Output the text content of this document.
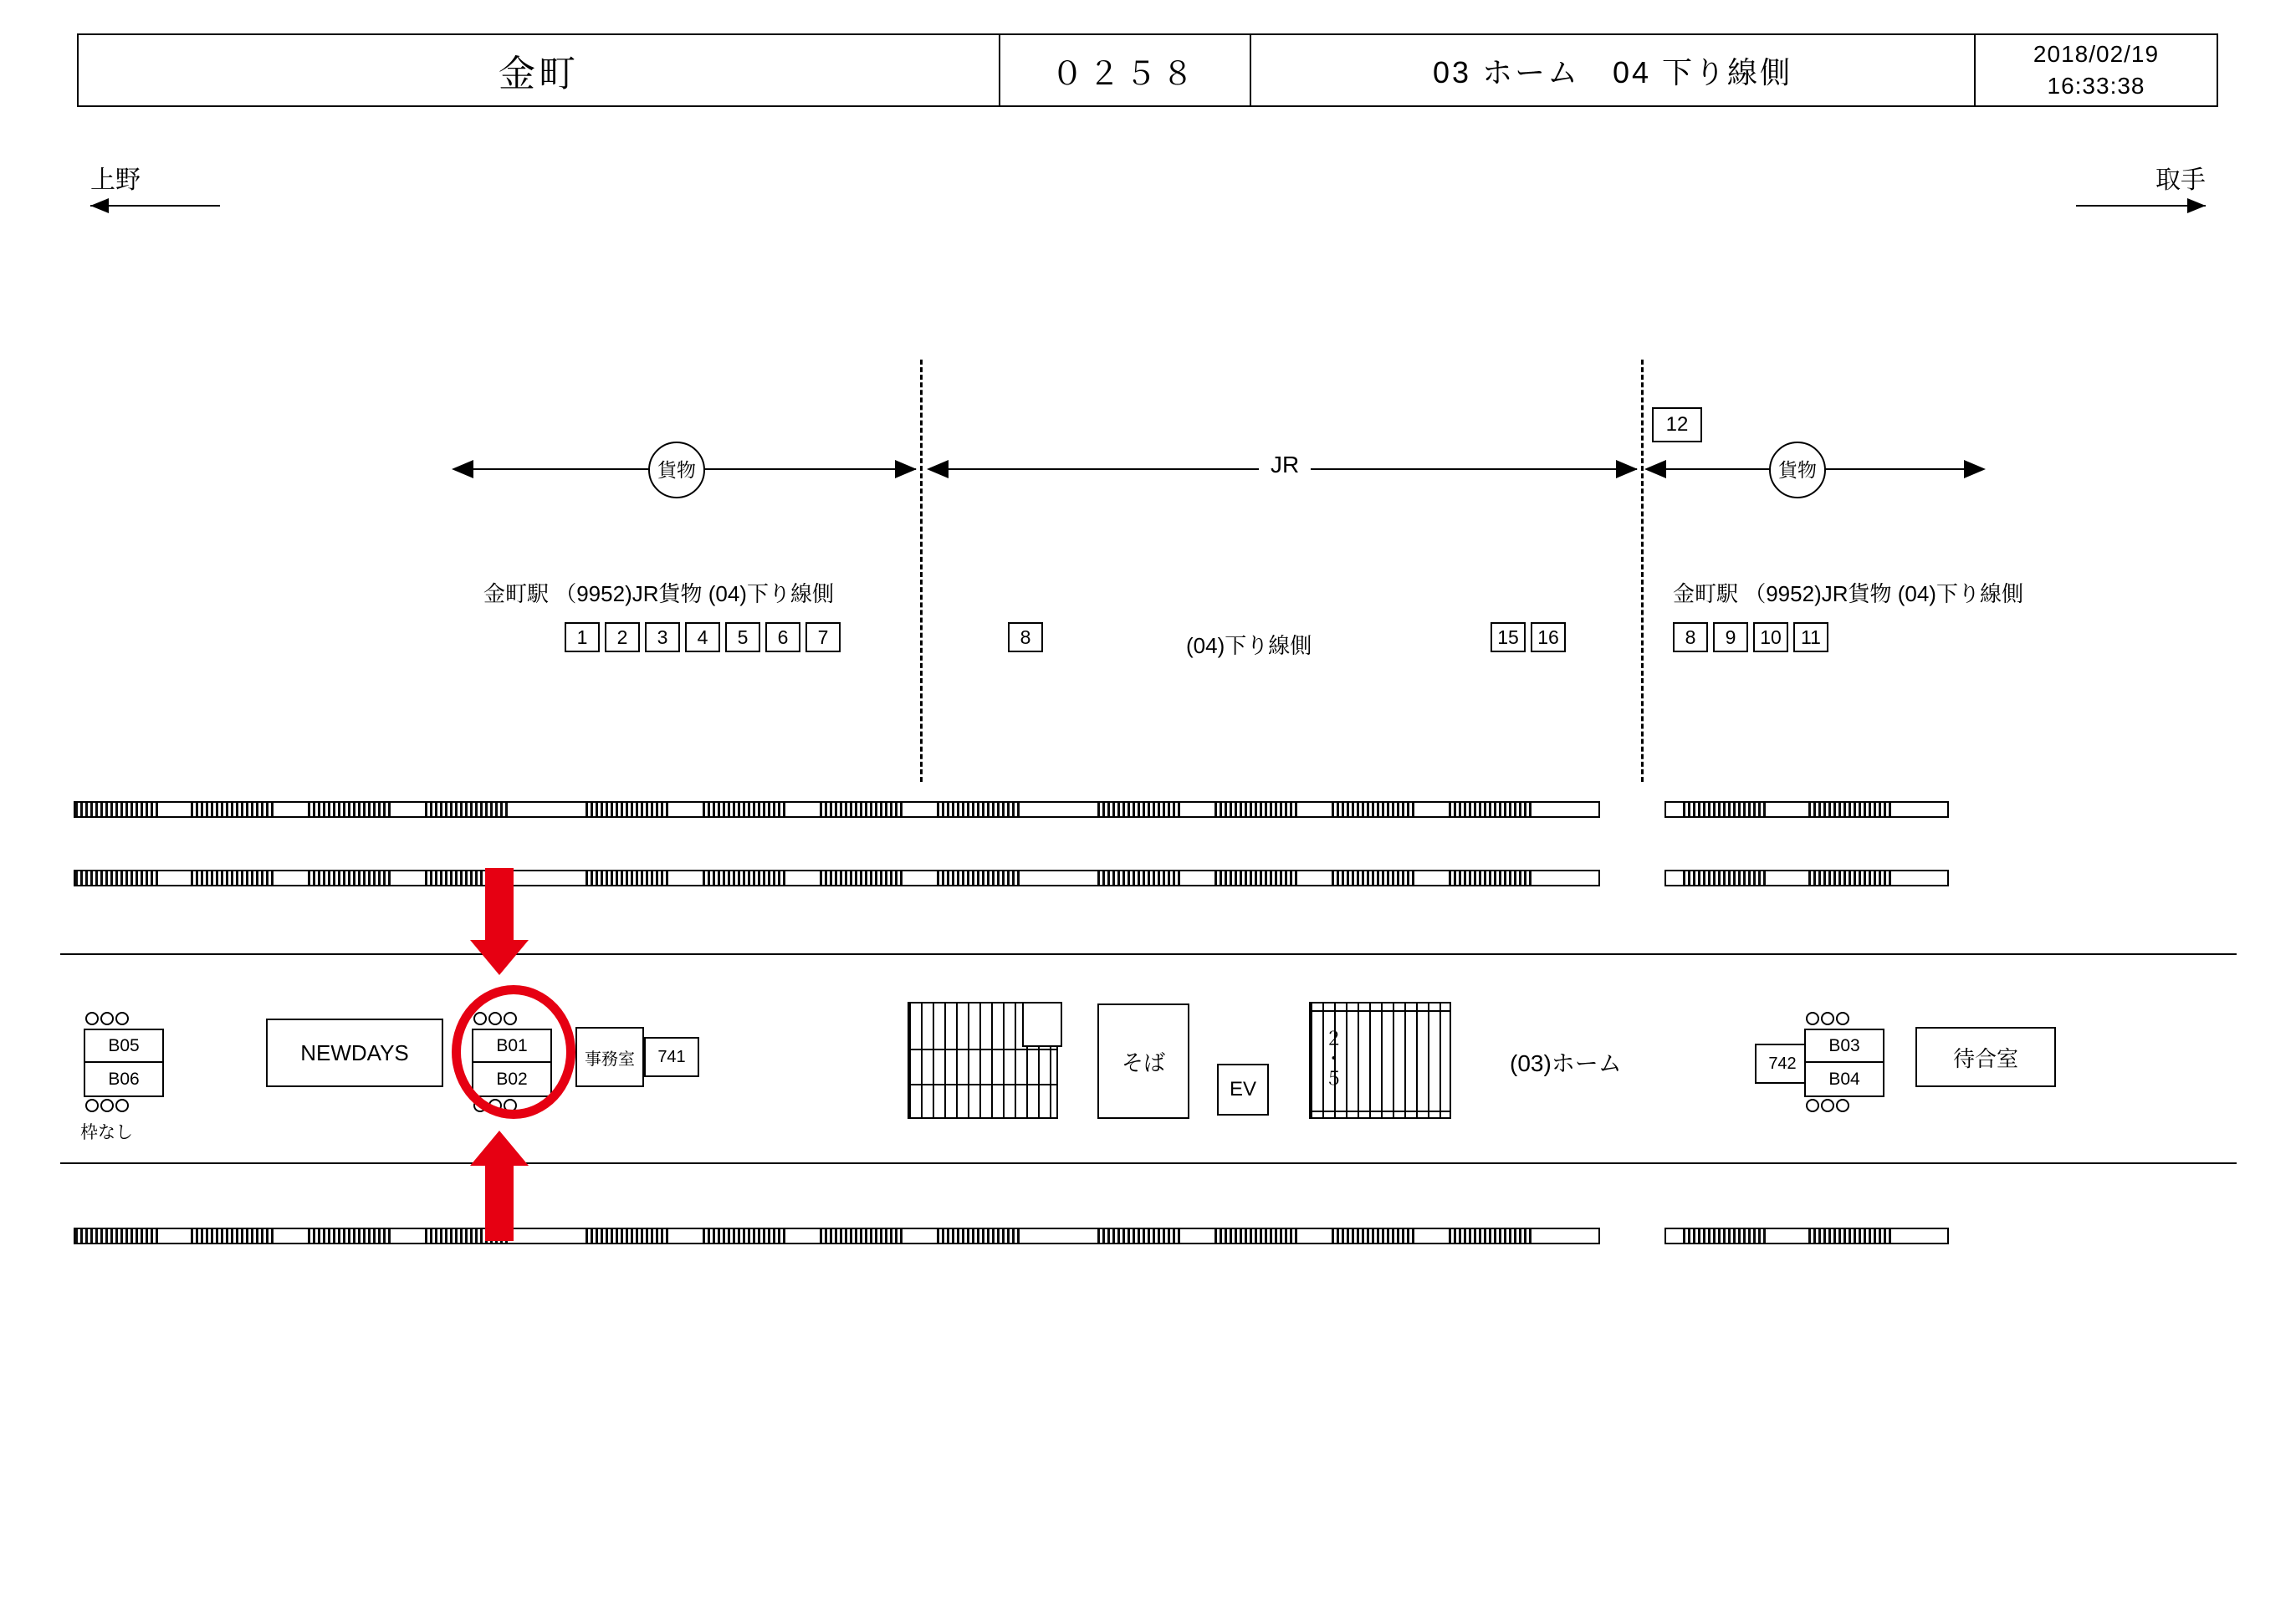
金町	０２５８	03 ホーム　04 下り線側
2018/02/19
16:33:38
上野	取手
貨物	JR	貨物
12
金町駅 （9952)JR貨物 (04)下り線側	金町駅 （9952)JR貨物 (04)下り線側
(04)下り線側
1	2	3	4	5	6	7	8	15 16	8	9	10	11
B05
B06
枠なし
NEWDAYS	B01
B02
事務室	741	そば
EV
２・５	(03)ホーム	742
B03
B04
待合室
